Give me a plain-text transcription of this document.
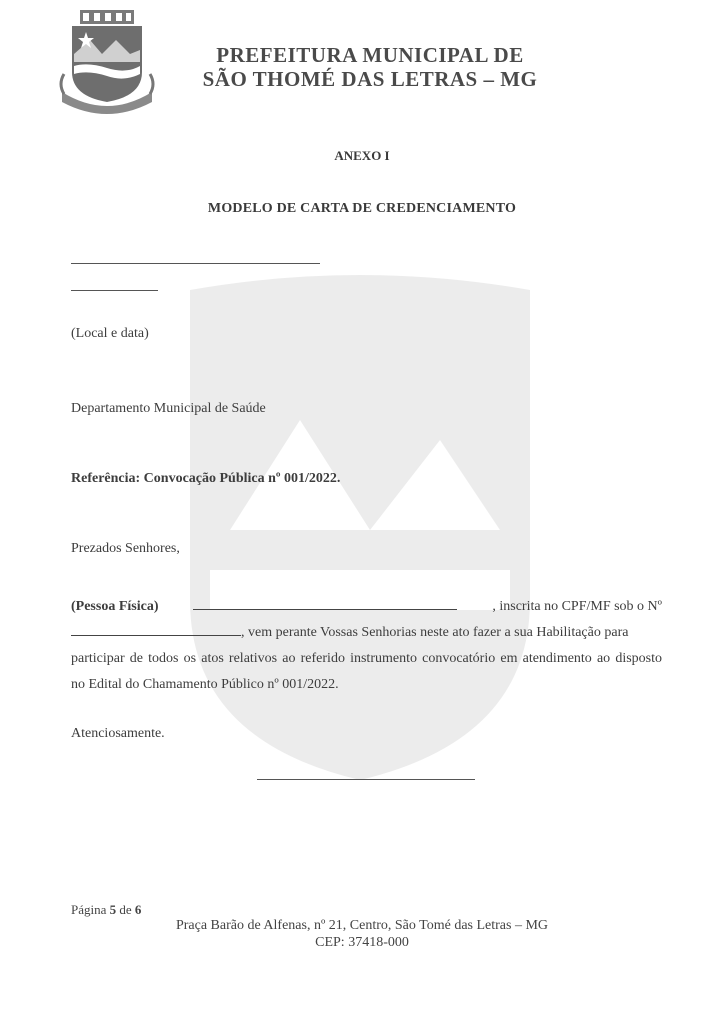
PREFEITURA MUNICIPAL DE
SÃO THOMÉ DAS LETRAS – MG
ANEXO I
MODELO DE CARTA DE CREDENCIAMENTO
(Local e data)
Departamento Municipal de Saúde
Referência: Convocação Pública nº 001/2022.
Prezados Senhores,
(Pessoa Física)	, inscrita no CPF/MF sob o Nº
, vem perante Vossas Senhorias neste ato fazer a sua Habilitação para
participar de todos os atos relativos ao referido instrumento convocatório em atendimento ao disposto
no Edital do Chamamento Público nº 001/2022.
Atenciosamente.
Página 5 de 6
Praça Barão de Alfenas, nº 21, Centro, São Tomé das Letras – MG
CEP: 37418-000
